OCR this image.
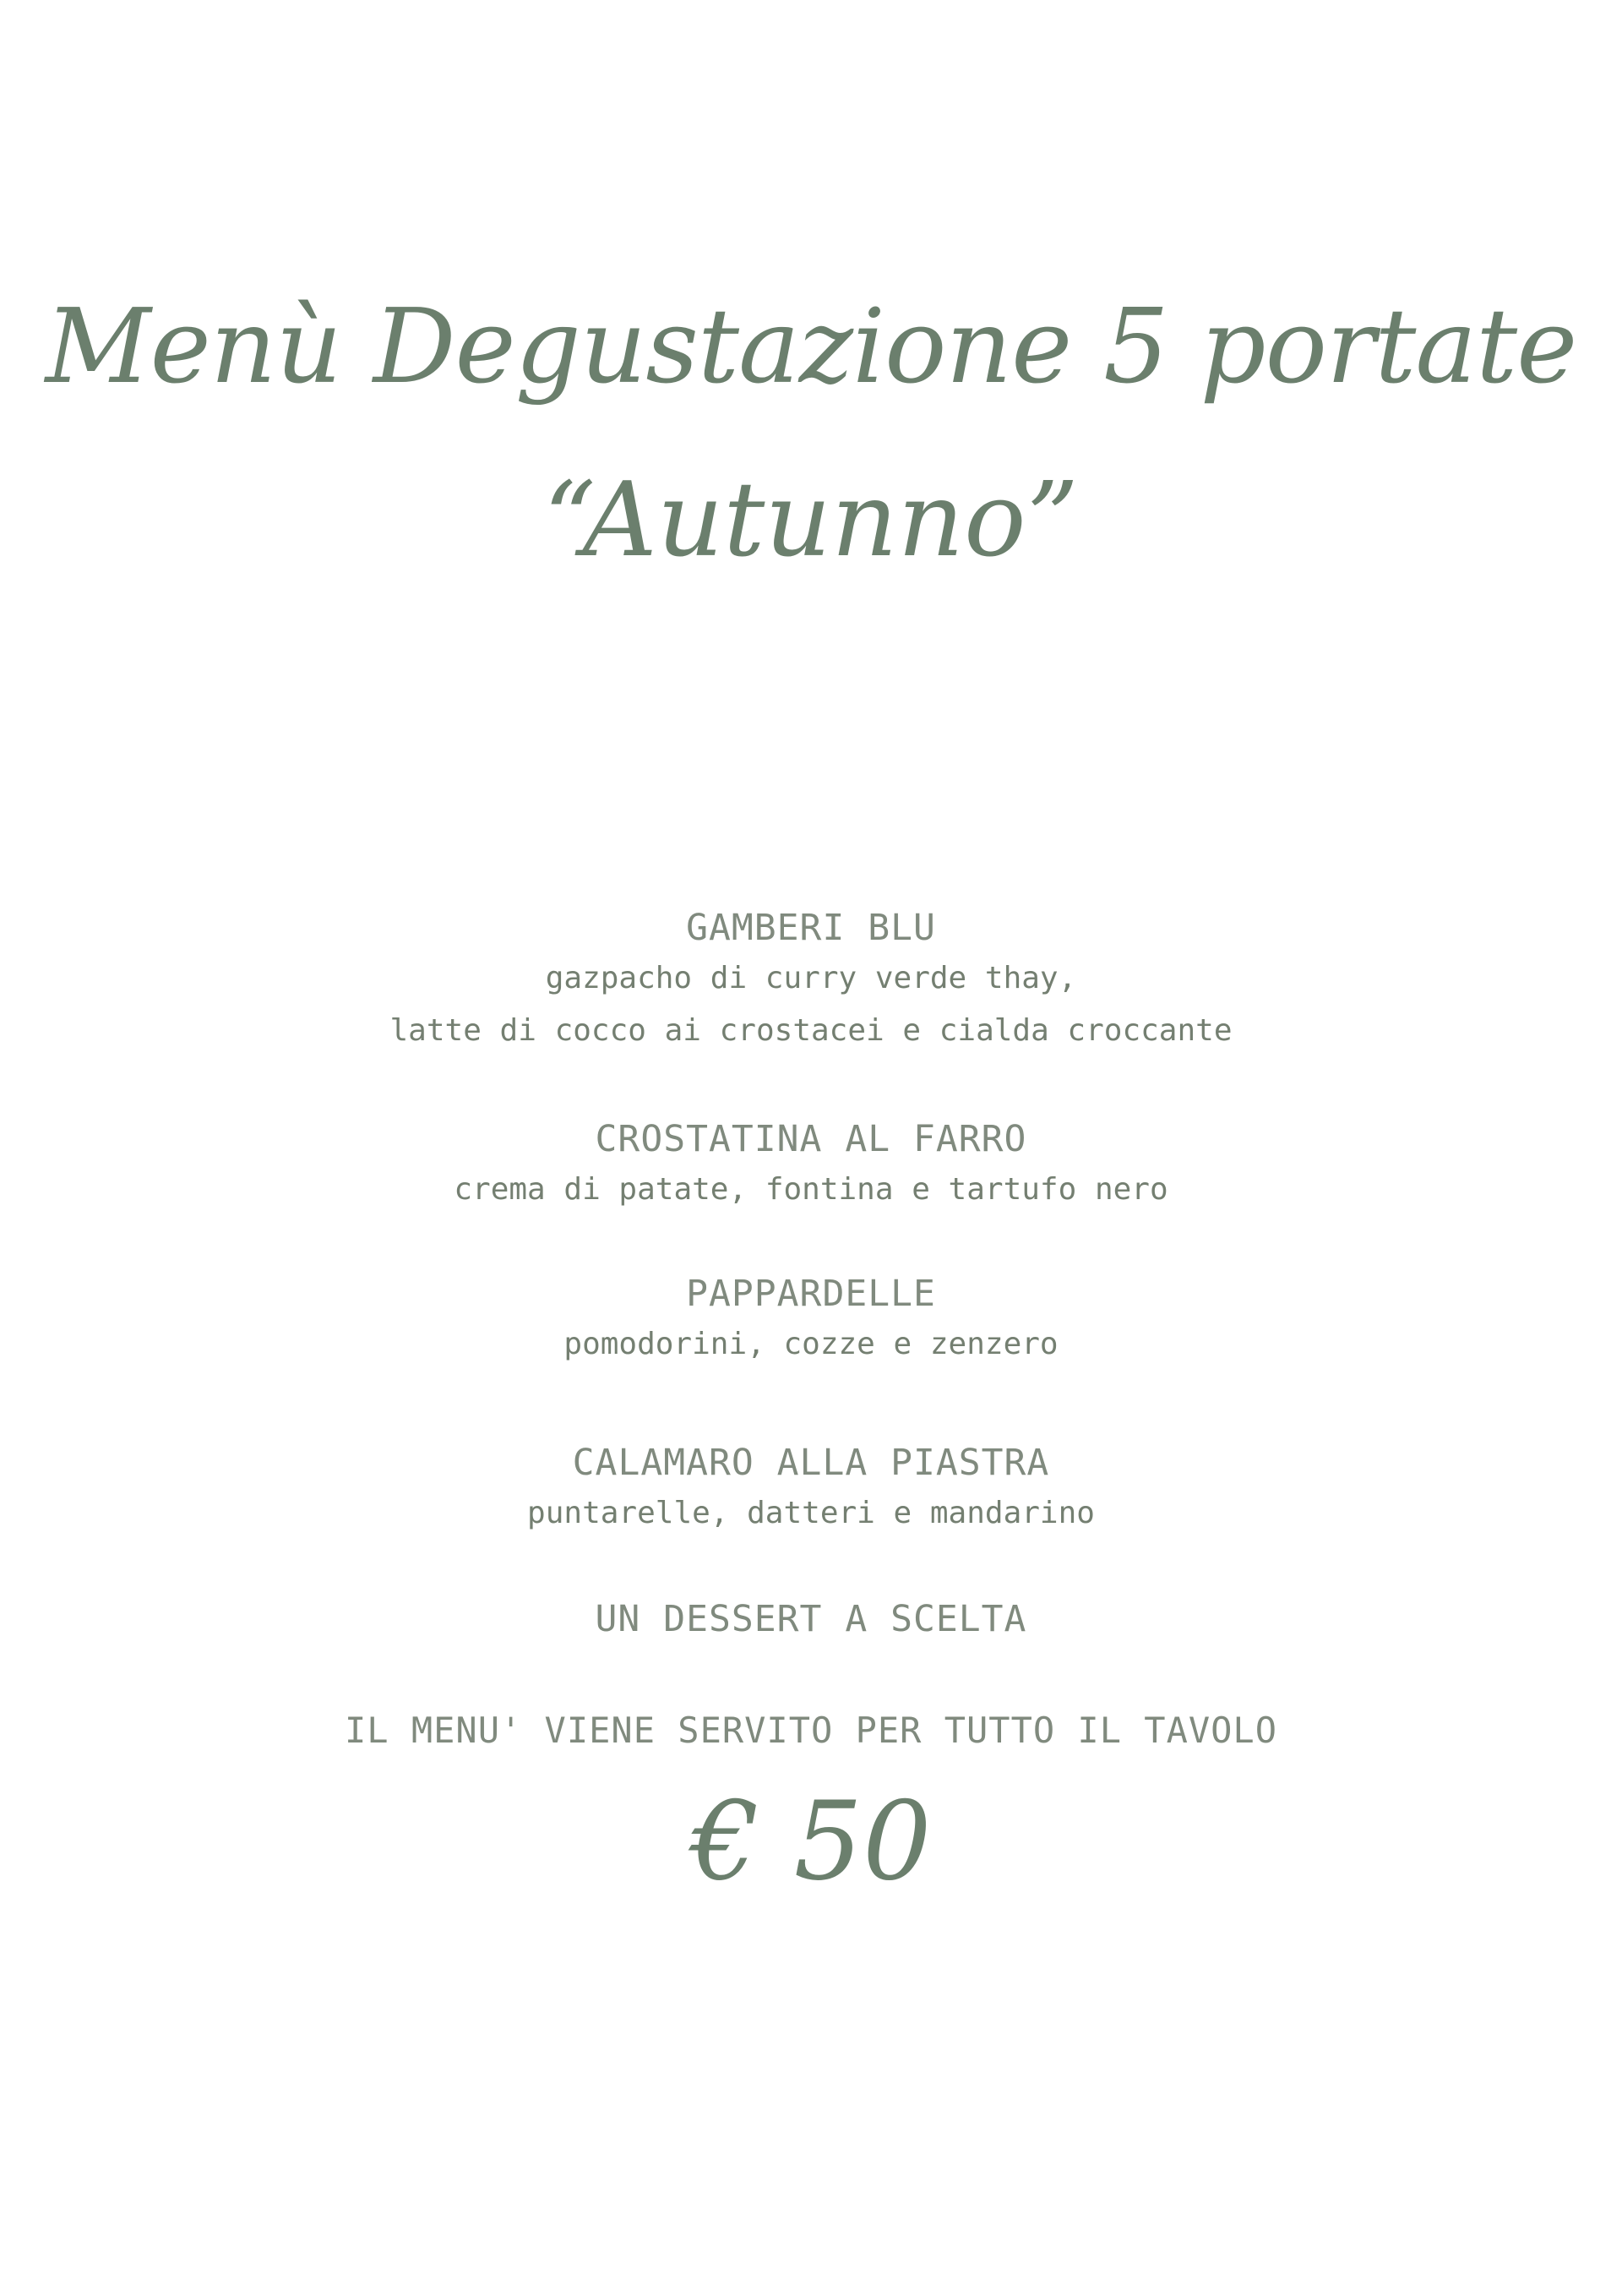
Menù Degustazione 5 portate
“Autunno”
GAMBERI BLU
gazpacho di curry verde thay,
latte di cocco ai crostacei e cialda croccante
CROSTATINA AL FARRO
crema di patate, fontina e tartufo nero
PAPPARDELLE
pomodorini, cozze e zenzero
CALAMARO ALLA PIASTRA
puntarelle, datteri e mandarino
UN DESSERT A SCELTA
IL MENU' VIENE SERVITO PER TUTTO IL TAVOLO
€ 50
